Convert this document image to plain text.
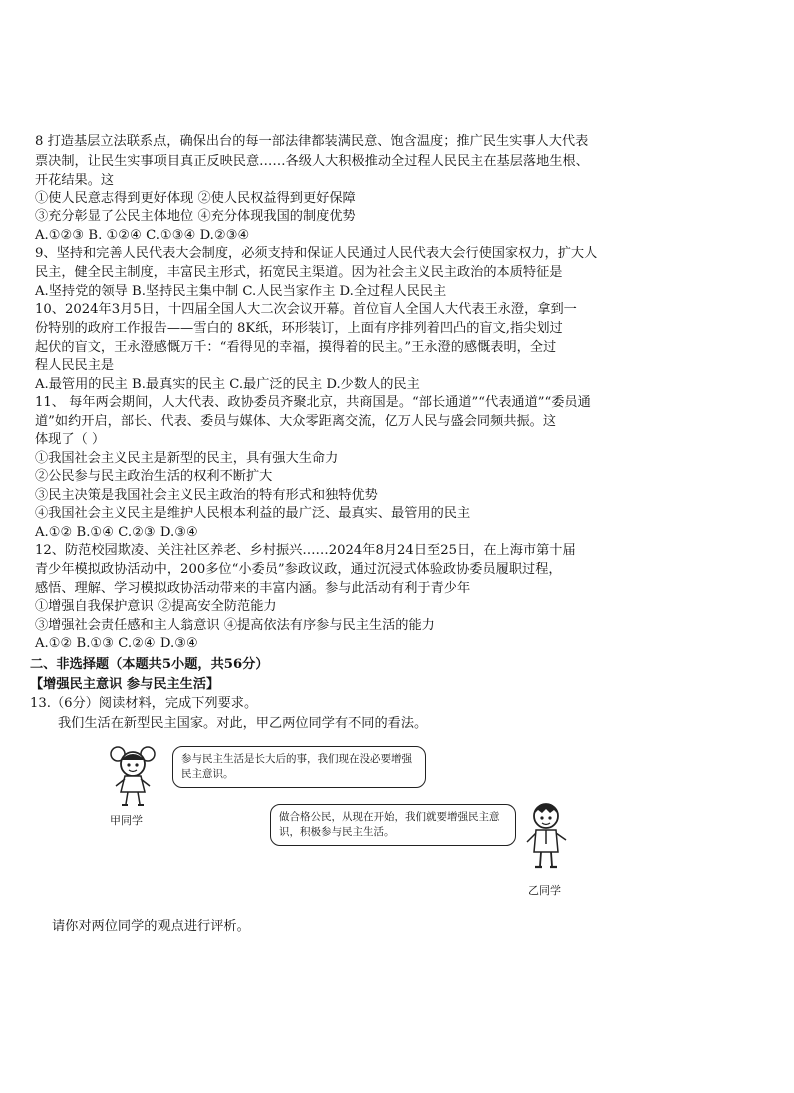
8 打造基层立法联系点，确保出台的每一部法律都装满民意、饱含温度；推广民生实事人大代表
票决制，让民生实事项目真正反映民意……各级人大积极推动全过程人民民主在基层落地生根、
开花结果。这
①使人民意志得到更好体现 ②使人民权益得到更好保障
③充分彰显了公民主体地位 ④充分体现我国的制度优势
A.①②③ B. ①②④ C.①③④ D.②③④
9、坚持和完善人民代表大会制度，必须支持和保证人民通过人民代表大会行使国家权力，扩大人
民主，健全民主制度，丰富民主形式，拓宽民主渠道。因为社会主义民主政治的本质特征是
A.坚持党的领导 B.坚持民主集中制 C.人民当家作主 D.全过程人民民主
10、2024年3月5日，十四届全国人大二次会议开幕。首位盲人全国人大代表王永澄，拿到一
份特别的政府工作报告——雪白的 8K纸，环形装订，上面有序排列着凹凸的盲文,指尖划过
起伏的盲文，王永澄感慨万千：“看得见的幸福，摸得着的民主。”王永澄的感慨表明，全过
程人民民主是
A.最管用的民主 B.最真实的民主 C.最广泛的民主 D.少数人的民主
11、 每年两会期间，人大代表、政协委员齐聚北京，共商国是。“部长通道”“代表通道”“委员通
道”如约开启，部长、代表、委员与媒体、大众零距离交流，亿万人民与盛会同频共振。这
体现了（ ）
①我国社会主义民主是新型的民主，具有强大生命力
②公民参与民主政治生活的权利不断扩大
③民主决策是我国社会主义民主政治的特有形式和独特优势
④我国社会主义民主是维护人民根本利益的最广泛、最真实、最管用的民主
A.①② B.①④ C.②③ D.③④
12、防范校园欺凌、关注社区养老、乡村振兴……2024年8月24日至25日，在上海市第十届
青少年模拟政协活动中，200多位“小委员”参政议政，通过沉浸式体验政协委员履职过程，
感悟、理解、学习模拟政协活动带来的丰富内涵。参与此活动有利于青少年
①增强自我保护意识 ②提高安全防范能力
③增强社会责任感和主人翁意识 ④提高依法有序参与民主生活的能力
A.①② B.①③ C.②④ D.③④
二、非选择题（本题共5小题，共56分）
【增强民主意识 参与民主生活】
13.（6分）阅读材料，完成下列要求。
我们生活在新型民主国家。对此，甲乙两位同学有不同的看法。
甲同学
参与民主生活是长大后的事，我们现在没必要增强民主意识。
做合格公民，从现在开始，我们就要增强民主意识，积极参与民主生活。
乙同学
请你对两位同学的观点进行评析。
